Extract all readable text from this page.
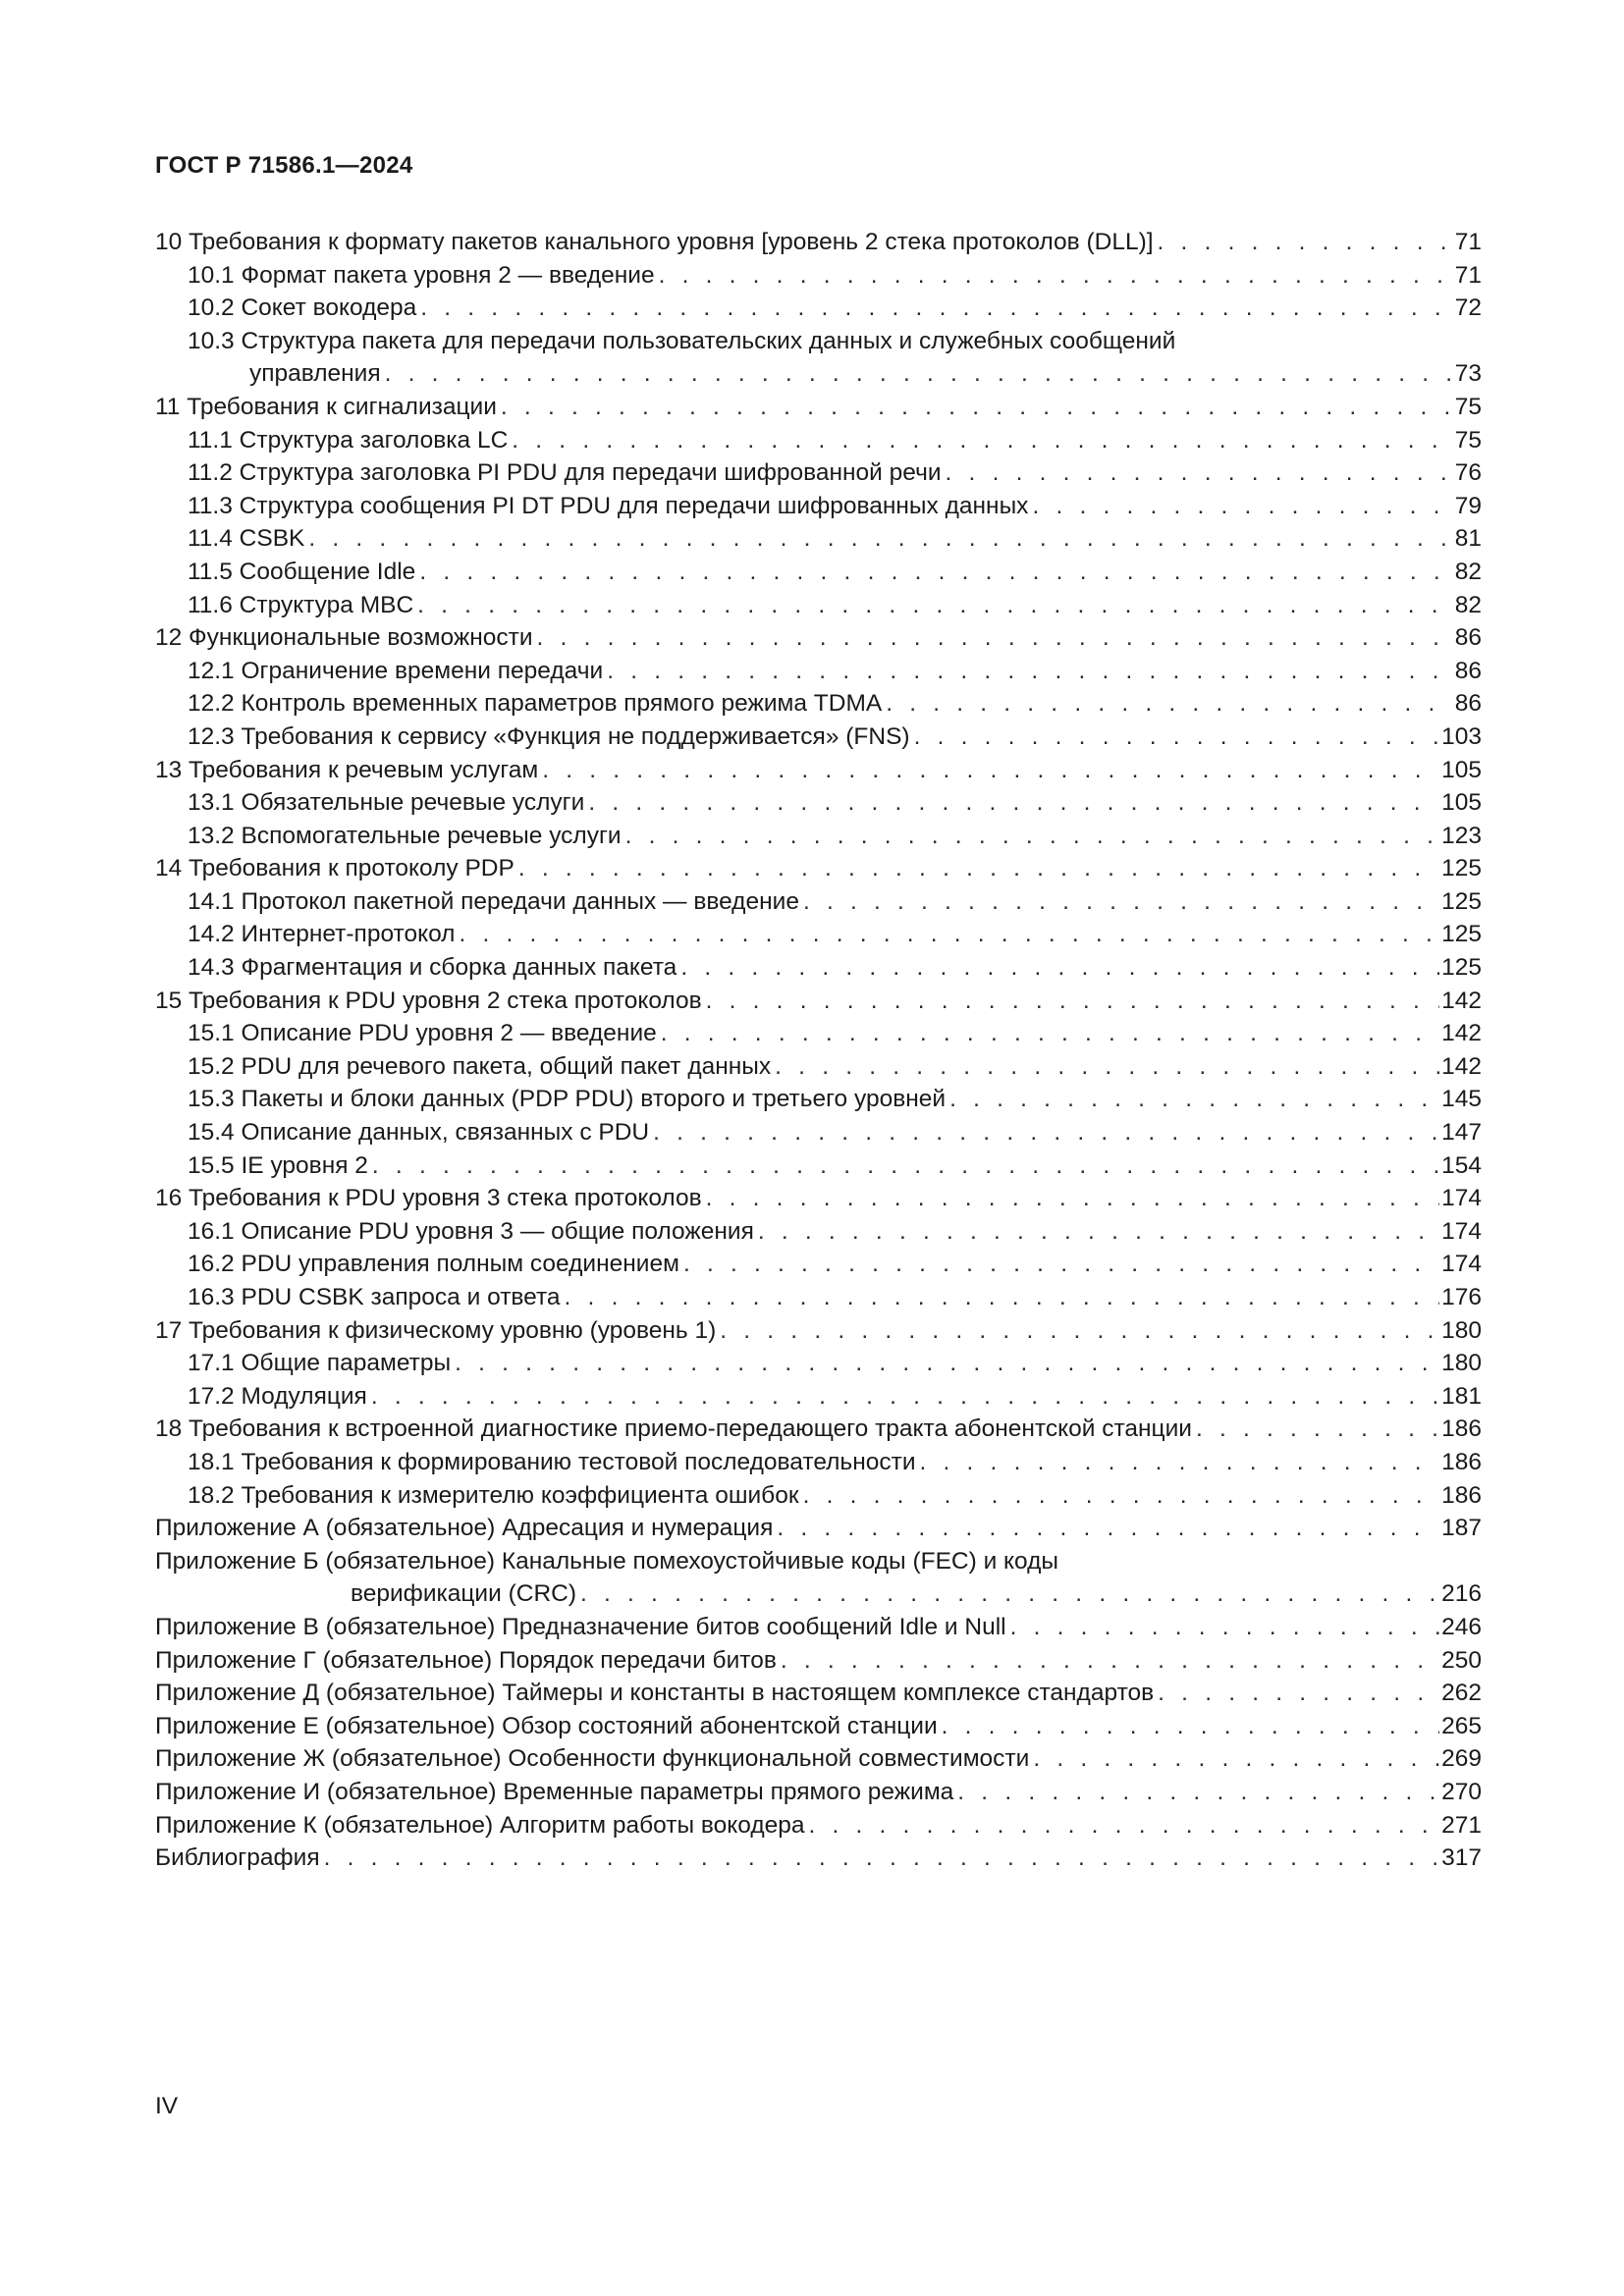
ГОСТ Р 71586.1—2024
10 Требования к формату пакетов канального уровня [уровень 2 стека протоколов (DLL)] . . .	71
10.1 Формат пакета уровня 2 — введение . . .	71
10.2 Сокет вокодера . . .	72
10.3 Структура пакета для передачи пользовательских данных и служебных сообщений
управления . . .	73
11 Требования к сигнализации . . .	75
11.1 Структура заголовка LC . . .	75
11.2 Структура заголовка PI PDU для передачи шифрованной речи . . .	76
11.3 Структура сообщения PI DT PDU для передачи шифрованных данных . . .	79
11.4 CSBK . . .	81
11.5 Сообщение Idle . . .	82
11.6 Структура MBC . . .	82
12 Функциональные возможности . . .	86
12.1 Ограничение времени передачи . . .	86
12.2 Контроль временных параметров прямого режима TDMA . . .	86
12.3 Требования к сервису «Функция не поддерживается» (FNS) . . .	103
13 Требования к речевым услугам . . .	105
13.1 Обязательные речевые услуги . . .	105
13.2 Вспомогательные речевые услуги . . .	123
14 Требования к протоколу PDP . . .	125
14.1 Протокол пакетной передачи данных — введение . . .	125
14.2 Интернет-протокол . . .	125
14.3 Фрагментация и сборка данных пакета . . .	125
15 Требования к PDU уровня 2 стека протоколов . . .	142
15.1 Описание PDU уровня 2 — введение . . .	142
15.2 PDU для речевого пакета, общий пакет данных . . .	142
15.3 Пакеты и блоки данных (PDP PDU) второго и третьего уровней . . .	145
15.4 Описание данных, связанных с PDU . . .	147
15.5 IE уровня 2 . . .	154
16 Требования к PDU уровня 3 стека протоколов . . .	174
16.1 Описание PDU уровня 3 — общие положения . . .	174
16.2 PDU управления полным соединением . . .	174
16.3 PDU CSBK запроса и ответа . . .	176
17 Требования к физическому уровню (уровень 1) . . .	180
17.1 Общие параметры . . .	180
17.2 Модуляция . . .	181
18 Требования к встроенной диагностике приемо-передающего тракта абонентской станции . . .	186
18.1 Требования к формированию тестовой последовательности . . .	186
18.2 Требования к измерителю коэффициента ошибок . . .	186
Приложение А (обязательное) Адресация и нумерация . . .	187
Приложение Б (обязательное) Канальные помехоустойчивые коды (FEC) и коды
верификации (CRC) . . .	216
Приложение В (обязательное) Предназначение битов сообщений Idle и Null . . .	246
Приложение Г (обязательное) Порядок передачи битов . . .	250
Приложение Д (обязательное) Таймеры и константы в настоящем комплексе стандартов . . .	262
Приложение Е (обязательное) Обзор состояний абонентской станции . . .	265
Приложение Ж (обязательное) Особенности функциональной совместимости . . .	269
Приложение И (обязательное) Временные параметры прямого режима . . .	270
Приложение К (обязательное) Алгоритм работы вокодера . . .	271
Библиография . . .	317
IV
